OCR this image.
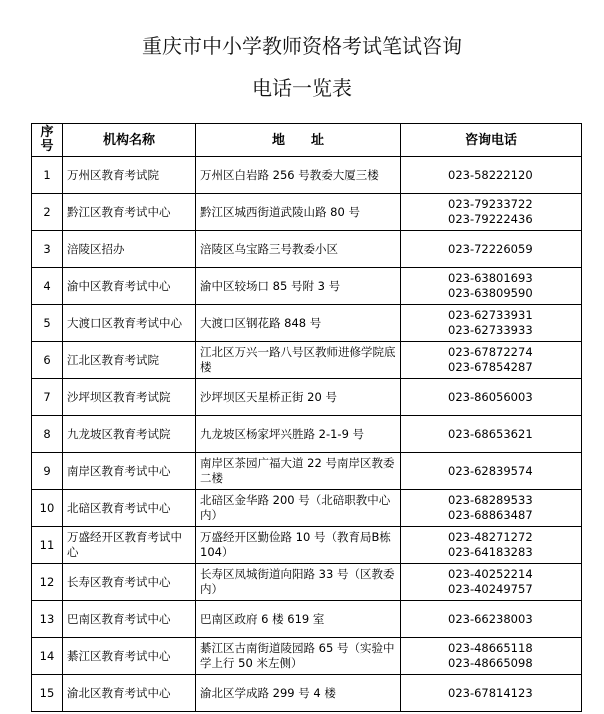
重庆市中小学教师资格考试笔试咨询
电话一览表
序
号	机构名称	地　　址	咨询电话
1	万州区教育考试院	万州区白岩路 256 号教委大厦三楼	023-58222120

2	黔江区教育考试中心	黔江区城西街道武陵山路 80 号	023-79233722
023-79222436

3	涪陵区招办	涪陵区乌宝路三号教委小区	023-72226059

4	渝中区教育考试中心	渝中区较场口 85 号附 3 号	023-63801693
023-63809590

5	大渡口区教育考试中心	大渡口区钢花路 848 号	023-62733931
023-62733933

6	江北区教育考试院	江北区万兴一路八号区教师进修学院底楼	023-67872274
023-67854287

7	沙坪坝区教育考试院	沙坪坝区天星桥正街 20 号	023-86056003

8	九龙坡区教育考试院	九龙坡区杨家坪兴胜路 2-1-9 号	023-68653621

9	南岸区教育考试中心	南岸区茶园广福大道 22 号南岸区教委二楼	023-62839574

10	北碚区教育考试中心	北碚区金华路 200 号（北碚职教中心内）	023-68289533
023-68863487

11	万盛经开区教育考试中心	万盛经开区勤俭路 10 号（教育局B栋 104）	023-48271272
023-64183283

12	长寿区教育考试中心	长寿区凤城街道向阳路 33 号（区教委内）	023-40252214
023-40249757

13	巴南区教育考试中心	巴南区政府 6 楼 619 室	023-66238003

14	綦江区教育考试中心	綦江区古南街道陵园路 65 号（实验中学上行 50 米左侧）	023-48665118
023-48665098

15	渝北区教育考试中心	渝北区学成路 299 号 4 楼	023-67814123
